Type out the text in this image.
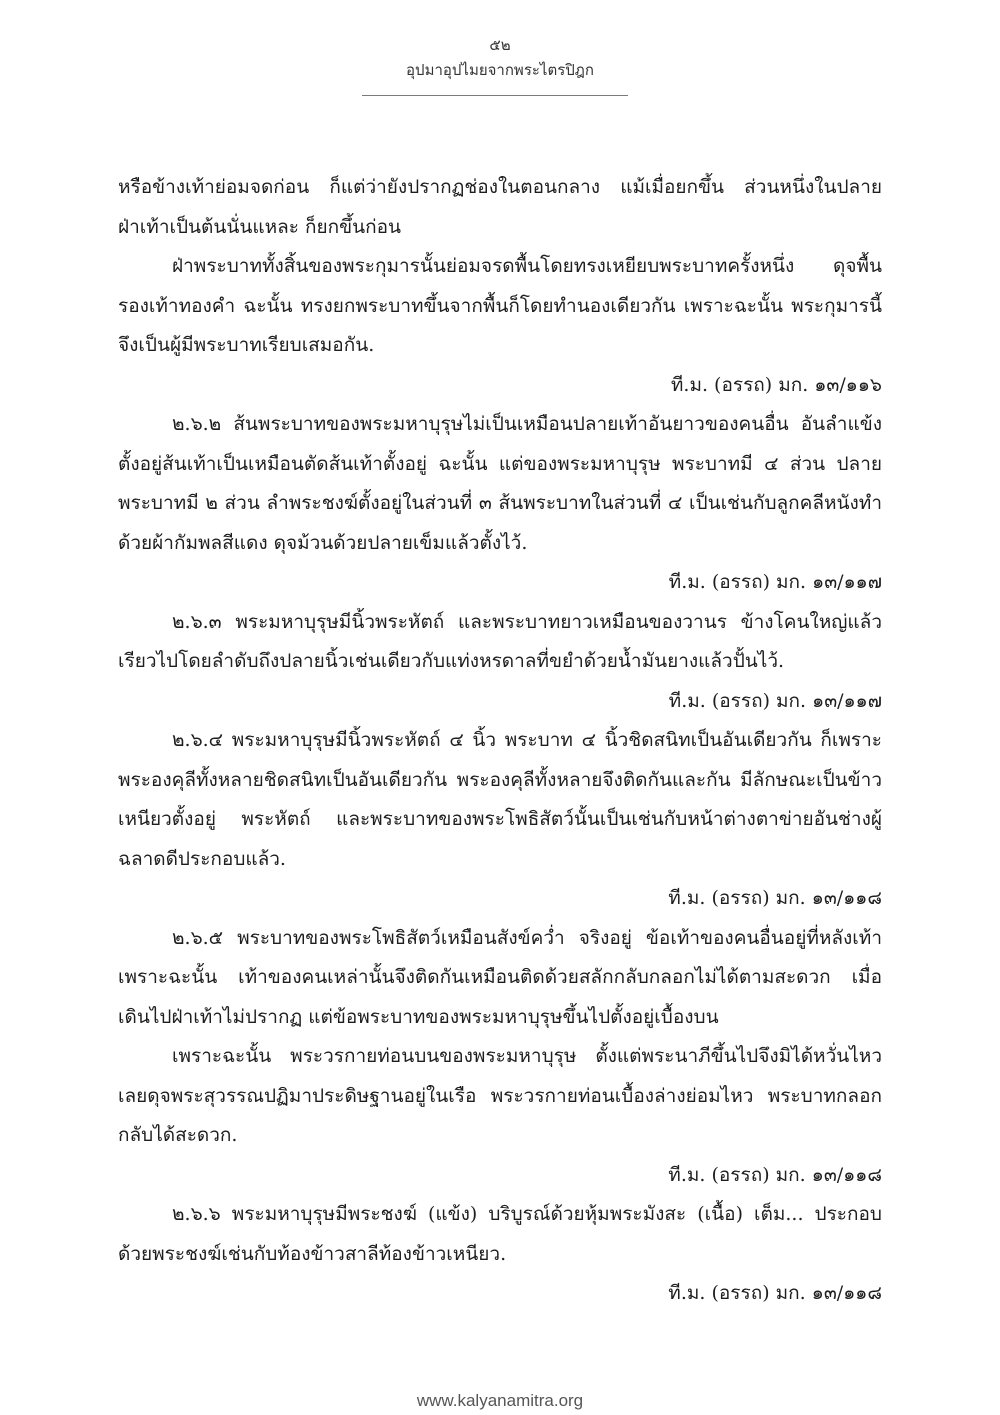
๕๒
อุปมาอุปไมยจากพระไตรปิฎก

หรือข้างเท้าย่อมจดก่อน ก็แต่ว่ายังปรากฏช่องในตอนกลาง แม้เมื่อยกขึ้น ส่วนหนึ่งในปลายฝ่าเท้าเป็นต้นนั่นแหละ ก็ยกขึ้นก่อน

ฝ่าพระบาททั้งสิ้นของพระกุมารนั้นย่อมจรดพื้นโดยทรงเหยียบพระบาทครั้งหนึ่ง ดุจพื้นรองเท้าทองคำ ฉะนั้น ทรงยกพระบาทขึ้นจากพื้นก็โดยทำนองเดียวกัน เพราะฉะนั้น พระกุมารนี้จึงเป็นผู้มีพระบาทเรียบเสมอกัน.

ที.ม. (อรรถ) มก. ๑๓/๑๑๖

๒.๖.๒ ส้นพระบาทของพระมหาบุรุษไม่เป็นเหมือนปลายเท้าอันยาวของคนอื่น อันลำแข้งตั้งอยู่ส้นเท้าเป็นเหมือนตัดส้นเท้าตั้งอยู่ ฉะนั้น แต่ของพระมหาบุรุษ พระบาทมี ๔ ส่วน ปลายพระบาทมี ๒ ส่วน ลำพระชงฆ์ตั้งอยู่ในส่วนที่ ๓ ส้นพระบาทในส่วนที่ ๔ เป็นเช่นกับลูกคลีหนังทำด้วยผ้ากัมพลสีแดง ดุจม้วนด้วยปลายเข็มแล้วตั้งไว้.

ที.ม. (อรรถ) มก. ๑๓/๑๑๗

๒.๖.๓ พระมหาบุรุษมีนิ้วพระหัตถ์ และพระบาทยาวเหมือนของวานร ข้างโคนใหญ่แล้วเรียวไปโดยลำดับถึงปลายนิ้วเช่นเดียวกับแท่งหรดาลที่ขยำด้วยน้ำมันยางแล้วปั้นไว้.

ที.ม. (อรรถ) มก. ๑๓/๑๑๗

๒.๖.๔ พระมหาบุรุษมีนิ้วพระหัตถ์ ๔ นิ้ว พระบาท ๔ นิ้วชิดสนิทเป็นอันเดียวกัน ก็เพราะพระองคุลีทั้งหลายชิดสนิทเป็นอันเดียวกัน พระองคุลีทั้งหลายจึงติดกันและกัน มีลักษณะเป็นข้าวเหนียวตั้งอยู่ พระหัตถ์ และพระบาทของพระโพธิสัตว์นั้นเป็นเช่นกับหน้าต่างตาข่ายอันช่างผู้ฉลาดดีประกอบแล้ว.

ที.ม. (อรรถ) มก. ๑๓/๑๑๘

๒.๖.๕ พระบาทของพระโพธิสัตว์เหมือนสังข์คว่ำ จริงอยู่ ข้อเท้าของคนอื่นอยู่ที่หลังเท้าเพราะฉะนั้น เท้าของคนเหล่านั้นจึงติดกันเหมือนติดด้วยสลักกลับกลอกไม่ได้ตามสะดวก เมื่อเดินไปฝ่าเท้าไม่ปรากฏ แต่ข้อพระบาทของพระมหาบุรุษขึ้นไปตั้งอยู่เบื้องบน

เพราะฉะนั้น พระวรกายท่อนบนของพระมหาบุรุษ ตั้งแต่พระนาภีขึ้นไปจึงมิได้หวั่นไหวเลยดุจพระสุวรรณปฏิมาประดิษฐานอยู่ในเรือ พระวรกายท่อนเบื้องล่างย่อมไหว พระบาทกลอกกลับได้สะดวก.

ที.ม. (อรรถ) มก. ๑๓/๑๑๘

๒.๖.๖ พระมหาบุรุษมีพระชงฆ์ (แข้ง) บริบูรณ์ด้วยหุ้มพระมังสะ (เนื้อ) เต็ม... ประกอบด้วยพระชงฆ์เช่นกับท้องข้าวสาลีท้องข้าวเหนียว.

ที.ม. (อรรถ) มก. ๑๓/๑๑๘

www.kalyanamitra.org
